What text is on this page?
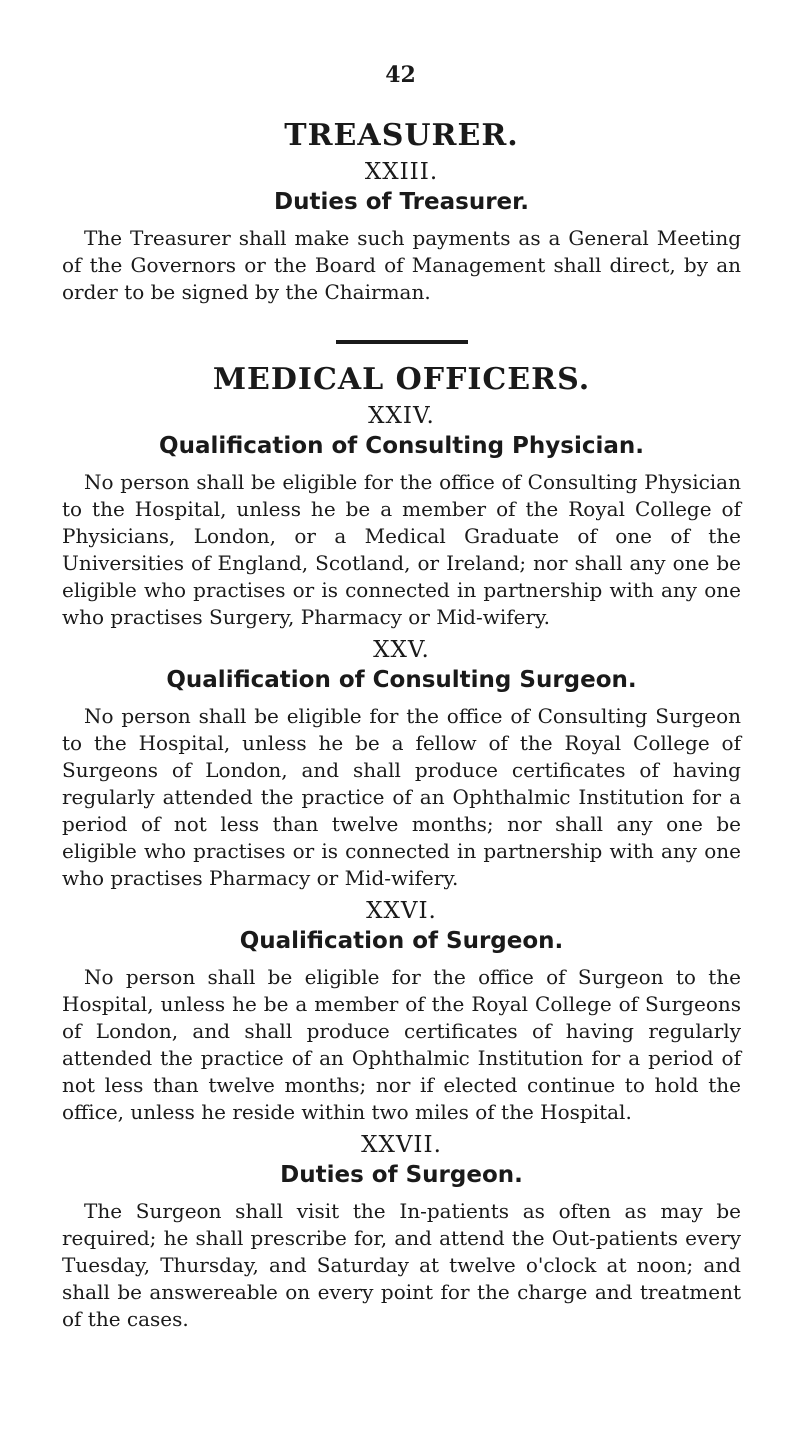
42
TREASURER.
XXIII.
Duties of Treasurer.

The Treasurer shall make such payments as a General Meeting of the Governors or the Board of Management shall direct, by an order to be signed by the Chairman.

MEDICAL OFFICERS.
XXIV.
Qualification of Consulting Physician.

No person shall be eligible for the office of Consulting Physician to the Hospital, unless he be a member of the Royal College of Physicians, London, or a Medical Graduate of one of the Universities of England, Scotland, or Ireland; nor shall any one be eligible who practises or is connected in partnership with any one who practises Surgery, Pharmacy or Mid-wifery.

XXV.
Qualification of Consulting Surgeon.

No person shall be eligible for the office of Consulting Surgeon to the Hospital, unless he be a fellow of the Royal College of Surgeons of London, and shall produce certificates of having regularly attended the practice of an Ophthalmic Institution for a period of not less than twelve months; nor shall any one be eligible who practises or is connected in partnership with any one who practises Pharmacy or Mid-wifery.

XXVI.
Qualification of Surgeon.

No person shall be eligible for the office of Surgeon to the Hospital, unless he be a member of the Royal College of Surgeons of London, and shall produce certificates of having regularly attended the practice of an Ophthalmic Institution for a period of not less than twelve months; nor if elected continue to hold the office, unless he reside within two miles of the Hospital.

XXVII.
Duties of Surgeon.

The Surgeon shall visit the In-patients as often as may be required; he shall prescribe for, and attend the Out-patients every Tuesday, Thursday, and Saturday at twelve o'clock at noon; and shall be answereable on every point for the charge and treatment of the cases.
